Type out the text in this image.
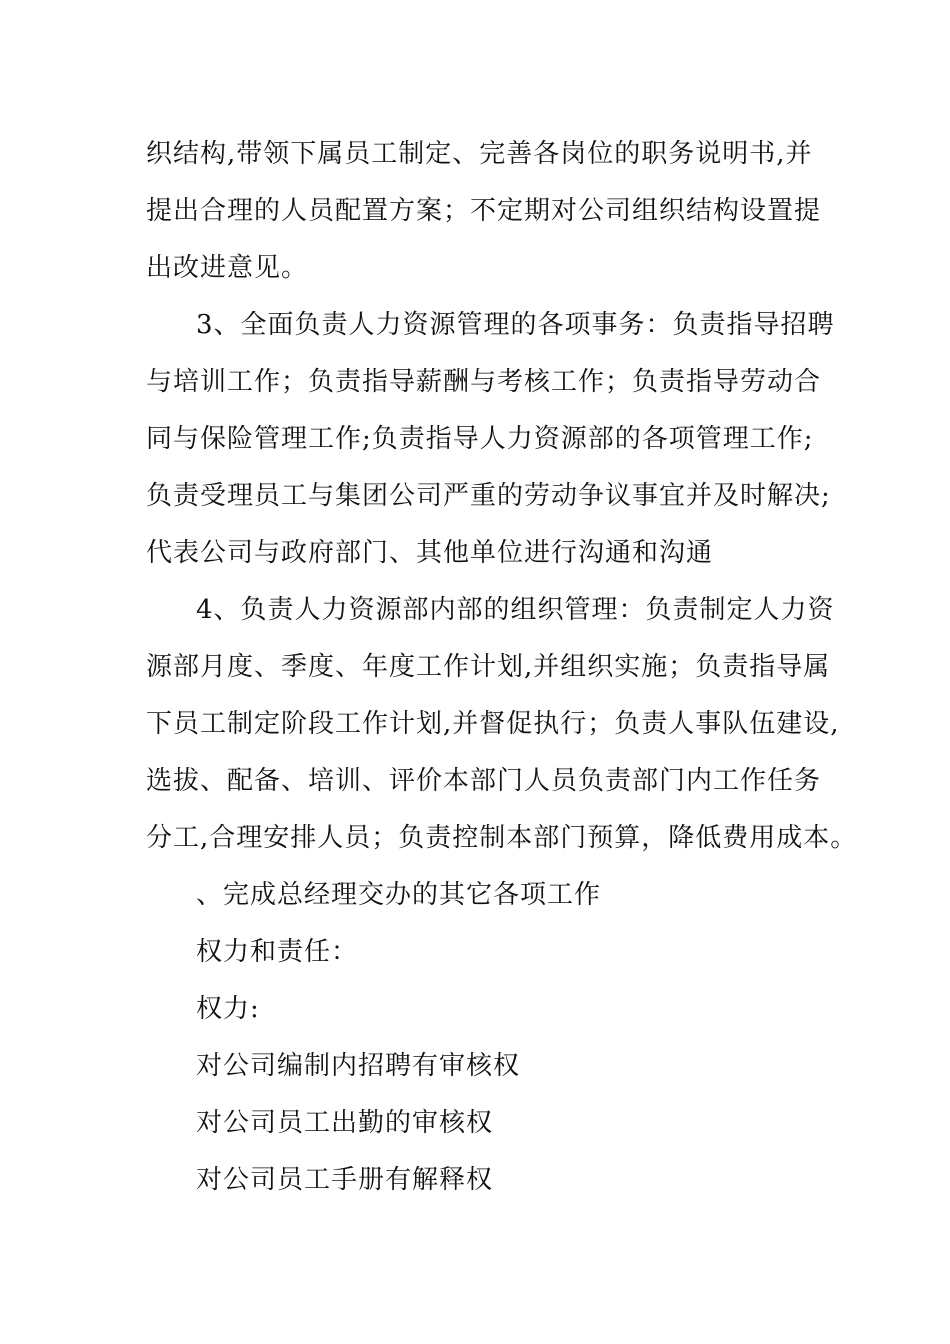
织结构,带领下属员工制定、完善各岗位的职务说明书,并
提出合理的人员配置方案；不定期对公司组织结构设置提
出改进意见。
3、全面负责人力资源管理的各项事务：负责指导招聘
与培训工作；负责指导薪酬与考核工作；负责指导劳动合
同与保险管理工作;负责指导人力资源部的各项管理工作;
负责受理员工与集团公司严重的劳动争议事宜并及时解决;
代表公司与政府部门、其他单位进行沟通和沟通
4、负责人力资源部内部的组织管理：负责制定人力资
源部月度、季度、年度工作计划,并组织实施；负责指导属
下员工制定阶段工作计划,并督促执行；负责人事队伍建设,
选拔、配备、培训、评价本部门人员负责部门内工作任务
分工,合理安排人员；负责控制本部门预算，降低费用成本。
、完成总经理交办的其它各项工作
权力和责任：
权力:
对公司编制内招聘有审核权
对公司员工出勤的审核权
对公司员工手册有解释权
